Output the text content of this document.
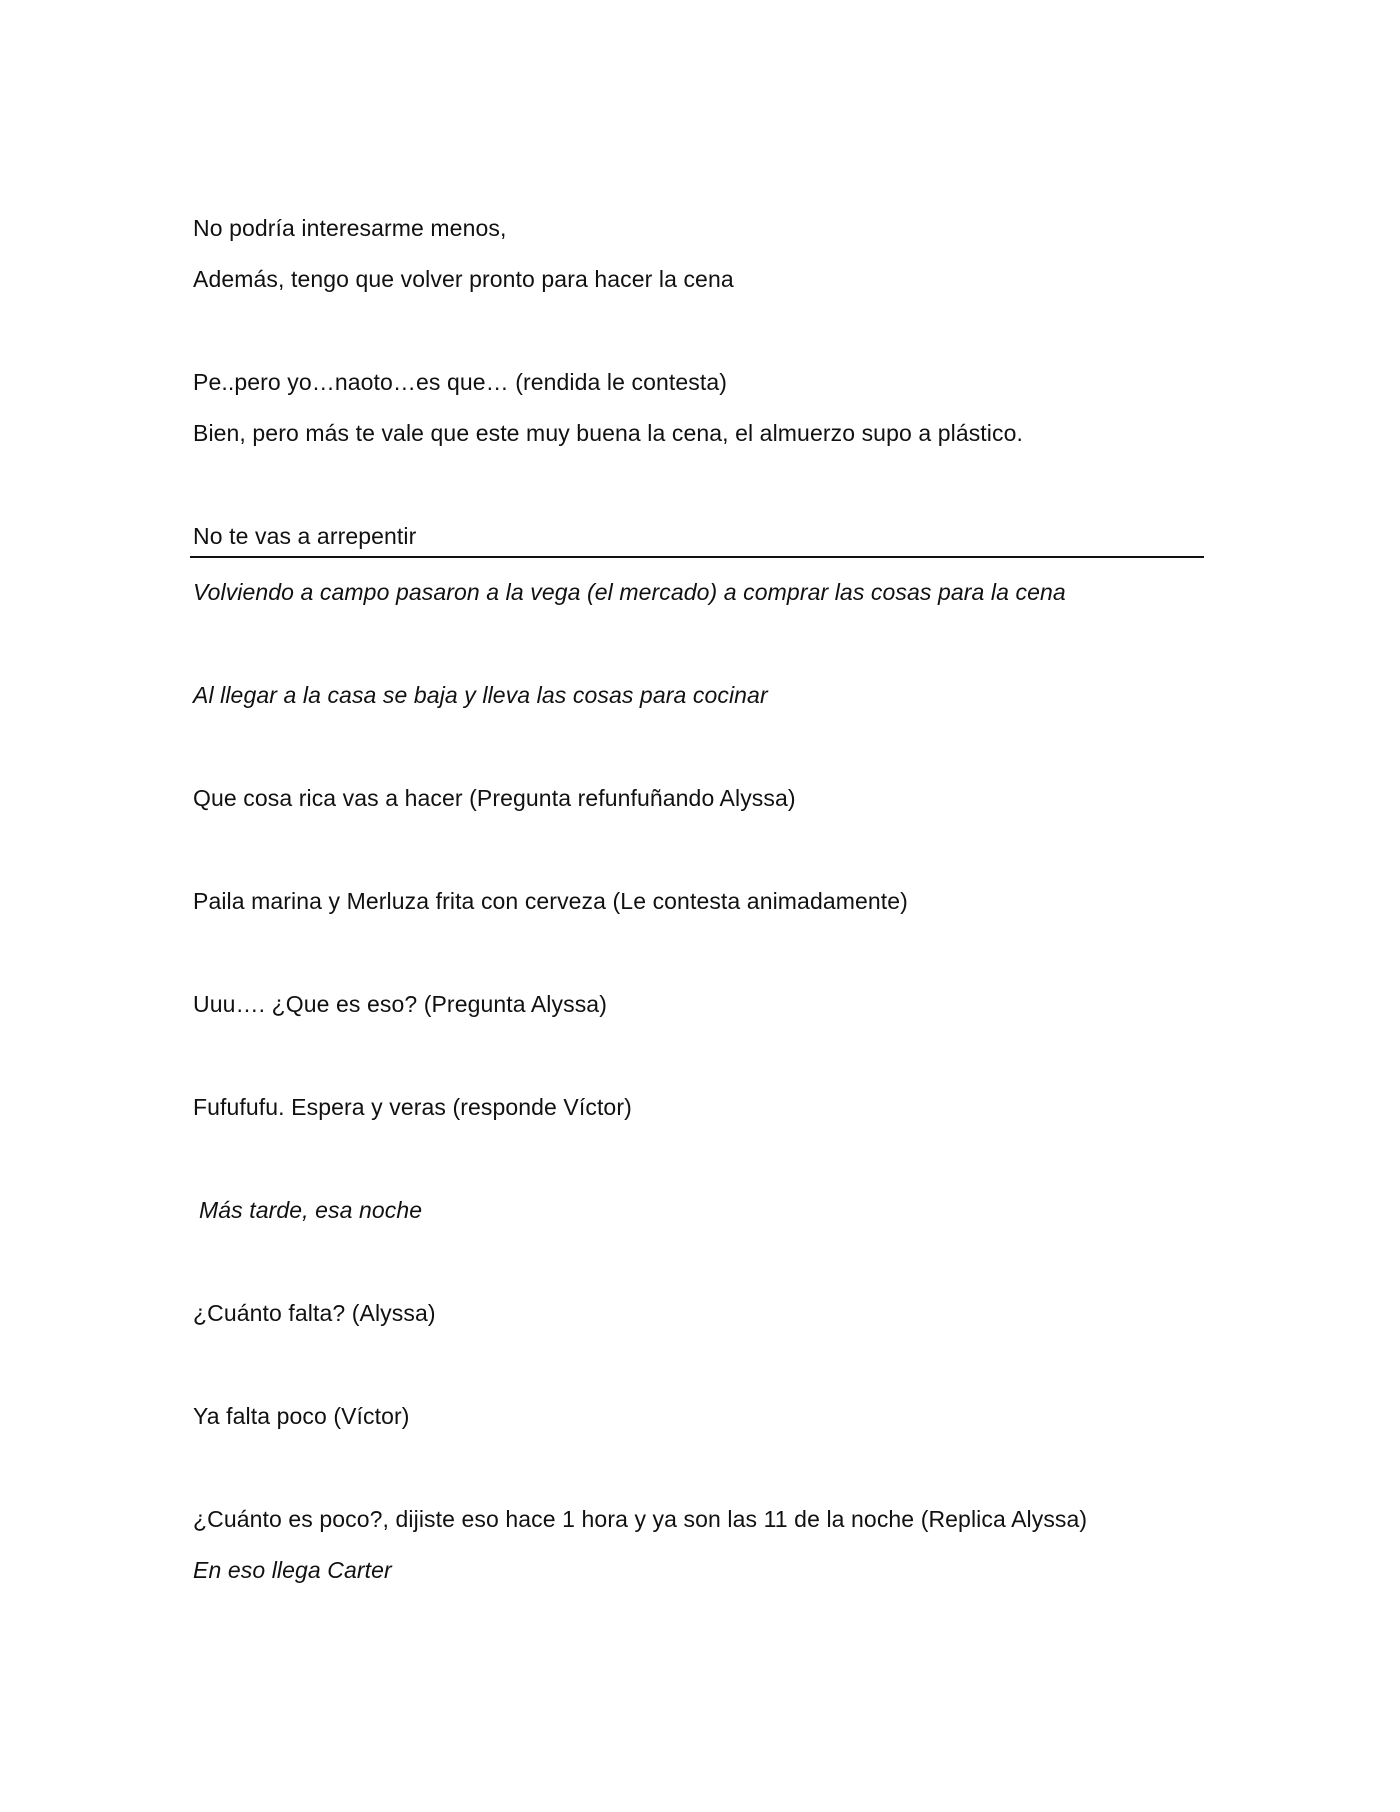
No podría interesarme menos,
Además, tengo que volver pronto para hacer la cena
Pe..pero yo…naoto…es que… (rendida le contesta)
Bien, pero más te vale que este muy buena la cena, el almuerzo supo a plástico.
No te vas a arrepentir
Volviendo a campo pasaron a la vega (el mercado) a comprar las cosas para la cena
Al llegar a la casa se baja y lleva las cosas para cocinar
Que cosa rica vas a hacer (Pregunta refunfuñando Alyssa)
Paila marina y Merluza frita con cerveza (Le contesta animadamente)
Uuu…. ¿Que es eso? (Pregunta Alyssa)
Fufufufu. Espera y veras (responde Víctor)
Más tarde, esa noche
¿Cuánto falta? (Alyssa)
Ya falta poco (Víctor)
¿Cuánto es poco?, dijiste eso hace 1 hora y ya son las 11 de la noche (Replica Alyssa)
En eso llega Carter
